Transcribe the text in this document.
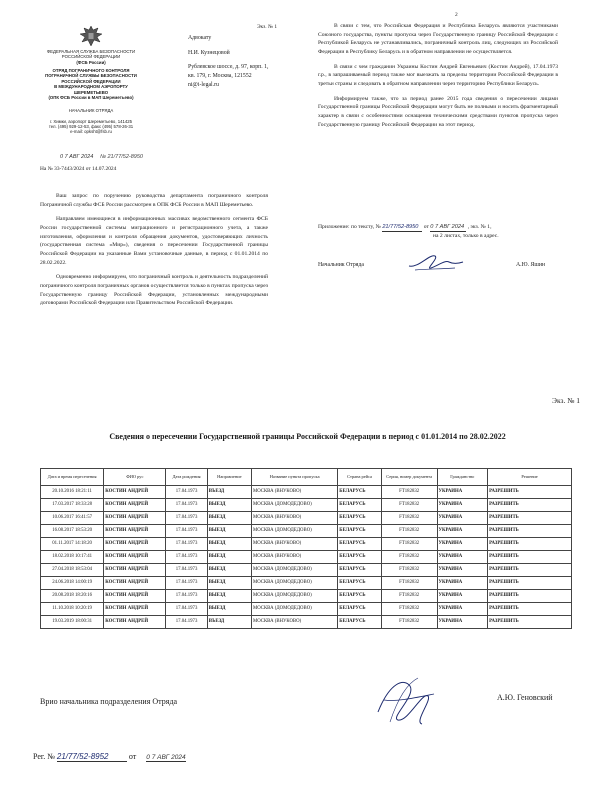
Экз. № 1
2
ФЕДЕРАЛЬНАЯ СЛУЖБА БЕЗОПАСНОСТИ
РОССИЙСКОЙ ФЕДЕРАЦИИ
(ФСБ России)
ОТРЯД ПОГРАНИЧНОГО КОНТРОЛЯ
ПОГРАНИЧНОЙ СЛУЖБЫ БЕЗОПАСНОСТИ
РОССИЙСКОЙ ФЕДЕРАЦИИ
В МЕЖДУНАРОДНОМ АЭРОПОРТУ
ШЕРЕМЕТЬЕВО
(ОПК ФСБ России в МАП Шереметьево)
НАЧАЛЬНИК ОТРЯДА
г. Химки, аэропорт Шереметьево, 141425
тел. (495) 929-12-53, факс (495) 578-26-31
e-mail: opksht@fsb.ru
0 7 АВГ 2024 № 21/77/52-8950
На № 33-7443/2024 от 14.07.2024
Адвокату
Н.И. Кузнецовой
Рублевское шоссе, д. 97, корп. 1,
кв. 179, г. Москва, 121552
ni@i-legal.ru

Ваш запрос по поручению руководства департамента пограничного контроля Пограничной службы ФСБ России рассмотрен в ОПК ФСБ России в МАП Шереметьево.

Направляем имеющиеся в информационных массивах ведомственного сегмента ФСБ России государственной системы миграционного и регистрационного учета, а также изготовления, оформления и контроля обращения документов, удостоверяющих личность (государственная система «Мир»), сведения о пересечении Государственной границы Российской Федерации на указанные Вами установочные данные, в период с 01.01.2014 по 28.02.2022.

Одновременно информируем, что пограничный контроль и деятельность подразделений пограничного контроля пограничных органов осуществляется только в пунктах пропуска через Государственную границу Российской Федерации, установленных международными договорами Российской Федерации или Правительством Российской Федерации.

В связи с тем, что Российская Федерация и Республика Беларусь являются участниками Союзного государства, пункты пропуска через Государственную границу Российской Федерации с Республикой Беларусь не устанавливались, пограничный контроль лиц, следующих из Российской Федерации в Республику Беларусь и в обратном направлении не осуществляется.

В связи с чем гражданин Украины Костин Андрей Евгеньевич (Костин Андрей), 17.04.1973 г.р., в запрашиваемый период также мог выезжать за пределы территории Российской Федерации в третьи страны и следовать в обратном направлении через территорию Республики Беларусь.

Информируем также, что за период ранее 2015 года сведения о пересечении лицами Государственной границы Российской Федерации могут быть не полными и носить фрагментарный характер в связи с особенностями оснащения техническими средствами пунктов пропуска через Государственную границу Российской Федерации на этот период.

Приложение: по тексту, № 21/77/52-8950 от 0 7 АВГ 2024 , экз. № 1,
на 2 листах, только в адрес.
Начальник Отряда	А.Ю. Яшин
Экз. № 1
Сведения о пересечении Государственной границы Российской Федерации в период с 01.01.2014 по 28.02.2022
Дата и время пересечения	ФИО рус	Дата рождения	Направление	Название пункта пропуска	Страна рейса	Серия, номер документа	Гражданство	Решение
20.10.2016 18:21:11	КОСТИН АНДРЕЙ	17.04.1973	ВЪЕЗД	МОСКВА (ВНУКОВО)	БЕЛАРУСЬ	FT182832	УКРАИНА	РАЗРЕШИТЬ
17.03.2017 18:33:28	КОСТИН АНДРЕЙ	17.04.1973	ВЫЕЗД	МОСКВА (ДОМОДЕДОВО)	БЕЛАРУСЬ	FT182832	УКРАИНА	РАЗРЕШИТЬ
10.06.2017 16:41:57	КОСТИН АНДРЕЙ	17.04.1973	ВЫЕЗД	МОСКВА (ВНУКОВО)	БЕЛАРУСЬ	FT182832	УКРАИНА	РАЗРЕШИТЬ
16.08.2017 18:53:20	КОСТИН АНДРЕЙ	17.04.1973	ВЫЕЗД	МОСКВА (ДОМОДЕДОВО)	БЕЛАРУСЬ	FT182832	УКРАИНА	РАЗРЕШИТЬ
01.11.2017 14:18:20	КОСТИН АНДРЕЙ	17.04.1973	ВЫЕЗД	МОСКВА (ВНУКОВО)	БЕЛАРУСЬ	FT182832	УКРАИНА	РАЗРЕШИТЬ
18.02.2018 10:17:41	КОСТИН АНДРЕЙ	17.04.1973	ВЫЕЗД	МОСКВА (ВНУКОВО)	БЕЛАРУСЬ	FT182832	УКРАИНА	РАЗРЕШИТЬ
27.04.2018 18:53:04	КОСТИН АНДРЕЙ	17.04.1973	ВЫЕЗД	МОСКВА (ДОМОДЕДОВО)	БЕЛАРУСЬ	FT182832	УКРАИНА	РАЗРЕШИТЬ
24.06.2018 14:00:19	КОСТИН АНДРЕЙ	17.04.1973	ВЫЕЗД	МОСКВА (ДОМОДЕДОВО)	БЕЛАРУСЬ	FT182832	УКРАИНА	РАЗРЕШИТЬ
20.08.2018 18:20:16	КОСТИН АНДРЕЙ	17.04.1973	ВЫЕЗД	МОСКВА (ДОМОДЕДОВО)	БЕЛАРУСЬ	FT182832	УКРАИНА	РАЗРЕШИТЬ
11.10.2018 10:20:19	КОСТИН АНДРЕЙ	17.04.1973	ВЫЕЗД	МОСКВА (ДОМОДЕДОВО)	БЕЛАРУСЬ	FT182832	УКРАИНА	РАЗРЕШИТЬ
19.03.2019 18:00:31	КОСТИН АНДРЕЙ	17.04.1973	ВЪЕЗД	МОСКВА (ВНУКОВО)	БЕЛАРУСЬ	FT182832	УКРАИНА	РАЗРЕШИТЬ
Врио начальника подразделения Отряда	А.Ю. Геновский
Рег. № 21/77/52-8952	от 0 7 АВГ 2024
